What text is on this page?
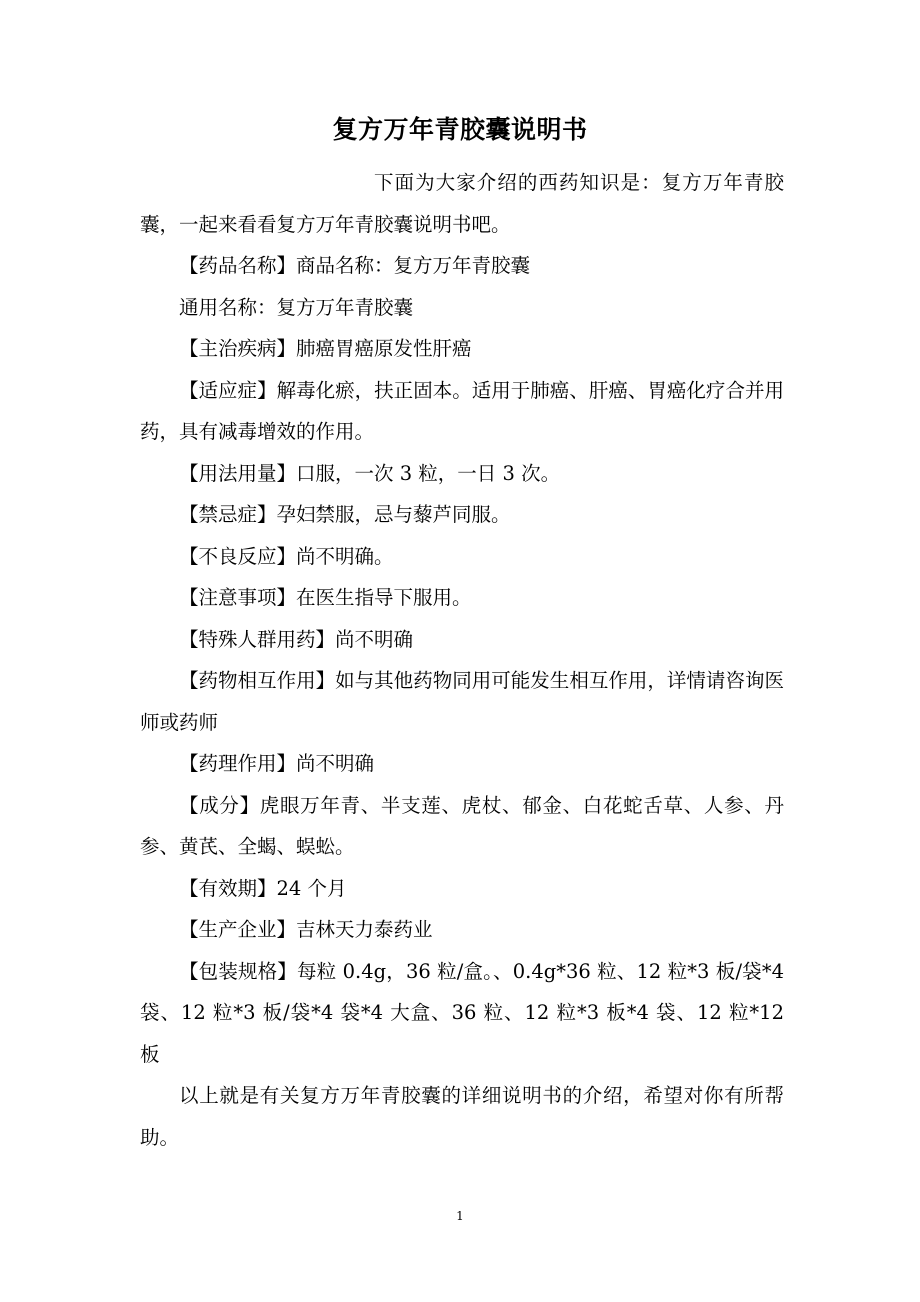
复方万年青胶囊说明书

下面为大家介绍的西药知识是：复方万年青胶囊，一起来看看复方万年青胶囊说明书吧。

【药品名称】商品名称：复方万年青胶囊

通用名称：复方万年青胶囊

【主治疾病】肺癌胃癌原发性肝癌

【适应症】解毒化瘀，扶正固本。适用于肺癌、肝癌、胃癌化疗合并用药，具有减毒增效的作用。

【用法用量】口服，一次 3 粒，一日 3 次。

【禁忌症】孕妇禁服，忌与藜芦同服。

【不良反应】尚不明确。

【注意事项】在医生指导下服用。

【特殊人群用药】尚不明确

【药物相互作用】如与其他药物同用可能发生相互作用，详情请咨询医师或药师

【药理作用】尚不明确

【成分】虎眼万年青、半支莲、虎杖、郁金、白花蛇舌草、人参、丹参、黄芪、全蝎、蜈蚣。

【有效期】24 个月

【生产企业】吉林天力泰药业

【包装规格】每粒 0.4g，36 粒/盒。、0.4g*36 粒、12 粒*3 板/袋*4 袋、12 粒*3 板/袋*4 袋*4 大盒、36 粒、12 粒*3 板*4 袋、12 粒*12 板

以上就是有关复方万年青胶囊的详细说明书的介绍，希望对你有所帮助。

1
